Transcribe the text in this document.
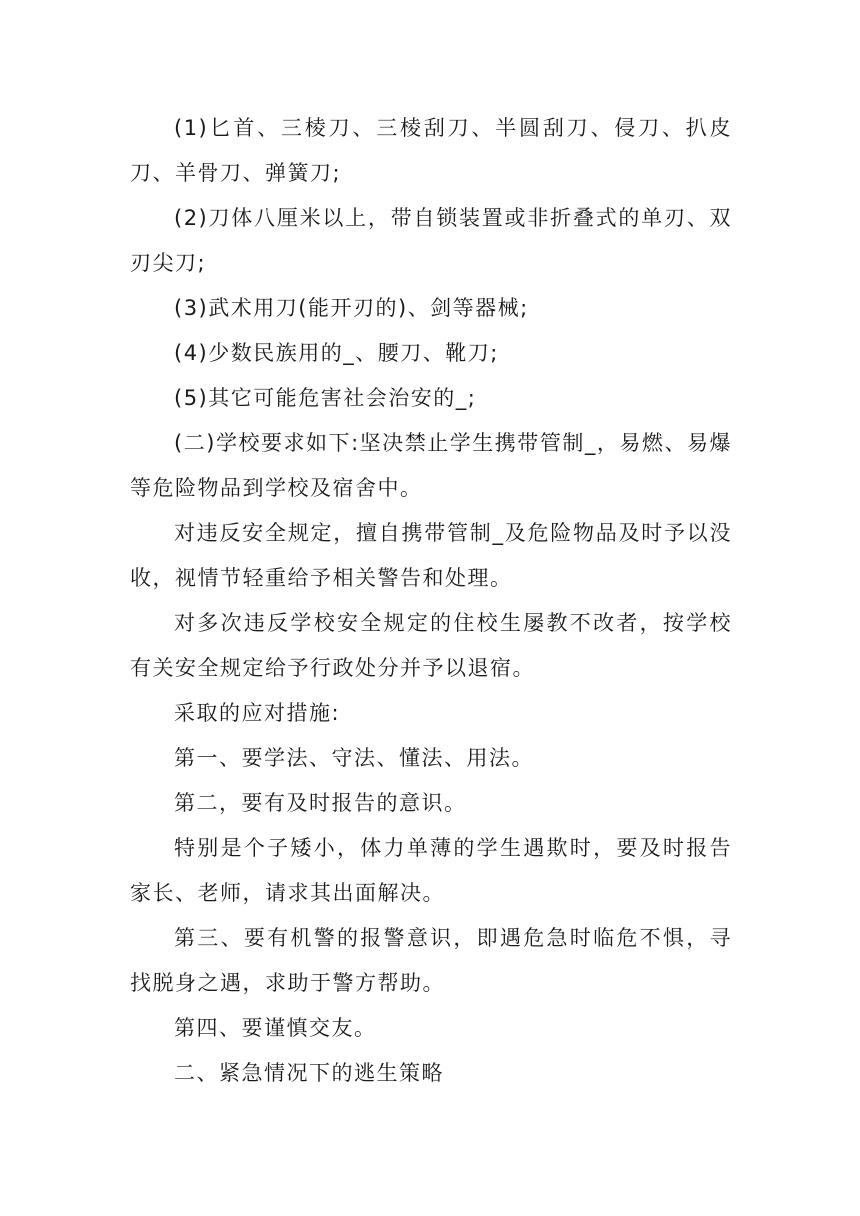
(1)匕首、三棱刀、三棱刮刀、半圆刮刀、侵刀、扒皮刀、羊骨刀、弹簧刀;

(2)刀体八厘米以上，带自锁装置或非折叠式的单刃、双刃尖刀;

(3)武术用刀(能开刃的)、剑等器械;

(4)少数民族用的_、腰刀、靴刀;

(5)其它可能危害社会治安的_;

(二)学校要求如下:坚决禁止学生携带管制_，易燃、易爆等危险物品到学校及宿舍中。

对违反安全规定，擅自携带管制_及危险物品及时予以没收，视情节轻重给予相关警告和处理。

对多次违反学校安全规定的住校生屡教不改者，按学校有关安全规定给予行政处分并予以退宿。

采取的应对措施:

第一、要学法、守法、懂法、用法。

第二，要有及时报告的意识。

特别是个子矮小，体力单薄的学生遇欺时，要及时报告家长、老师，请求其出面解决。

第三、要有机警的报警意识，即遇危急时临危不惧，寻找脱身之遇，求助于警方帮助。

第四、要谨慎交友。

二、紧急情况下的逃生策略
